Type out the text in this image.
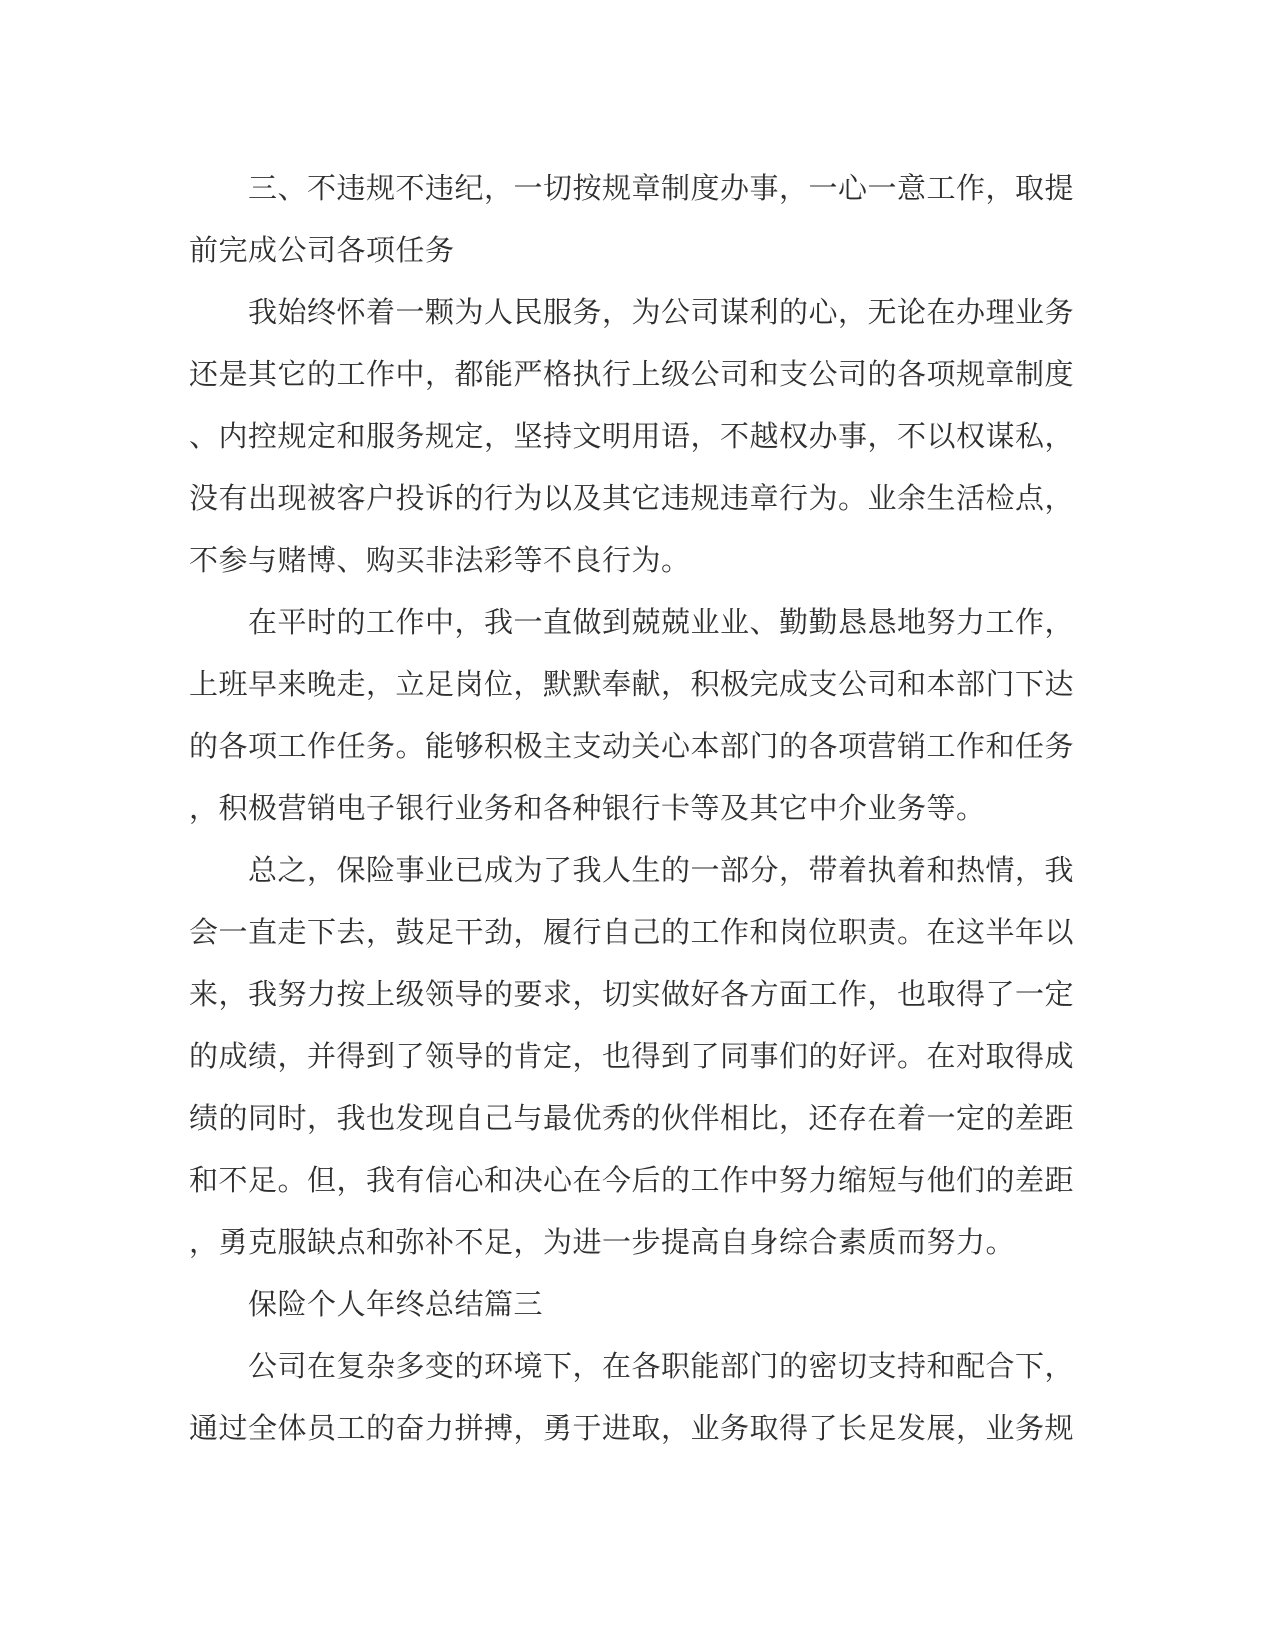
三、不违规不违纪，一切按规章制度办事，一心一意工作，取提
前完成公司各项任务
我始终怀着一颗为人民服务，为公司谋利的心，无论在办理业务
还是其它的工作中，都能严格执行上级公司和支公司的各项规章制度
、内控规定和服务规定，坚持文明用语，不越权办事，不以权谋私，
没有出现被客户投诉的行为以及其它违规违章行为。业余生活检点，
不参与赌博、购买非法彩等不良行为。
在平时的工作中，我一直做到兢兢业业、勤勤恳恳地努力工作，
上班早来晚走，立足岗位，默默奉献，积极完成支公司和本部门下达
的各项工作任务。能够积极主支动关心本部门的各项营销工作和任务
，积极营销电子银行业务和各种银行卡等及其它中介业务等。
总之，保险事业已成为了我人生的一部分，带着执着和热情，我
会一直走下去，鼓足干劲，履行自己的工作和岗位职责。在这半年以
来，我努力按上级领导的要求，切实做好各方面工作，也取得了一定
的成绩，并得到了领导的肯定，也得到了同事们的好评。在对取得成
绩的同时，我也发现自己与最优秀的伙伴相比，还存在着一定的差距
和不足。但，我有信心和决心在今后的工作中努力缩短与他们的差距
，勇克服缺点和弥补不足，为进一步提高自身综合素质而努力。
保险个人年终总结篇三
公司在复杂多变的环境下，在各职能部门的密切支持和配合下，
通过全体员工的奋力拼搏，勇于进取，业务取得了长足发展，业务规
